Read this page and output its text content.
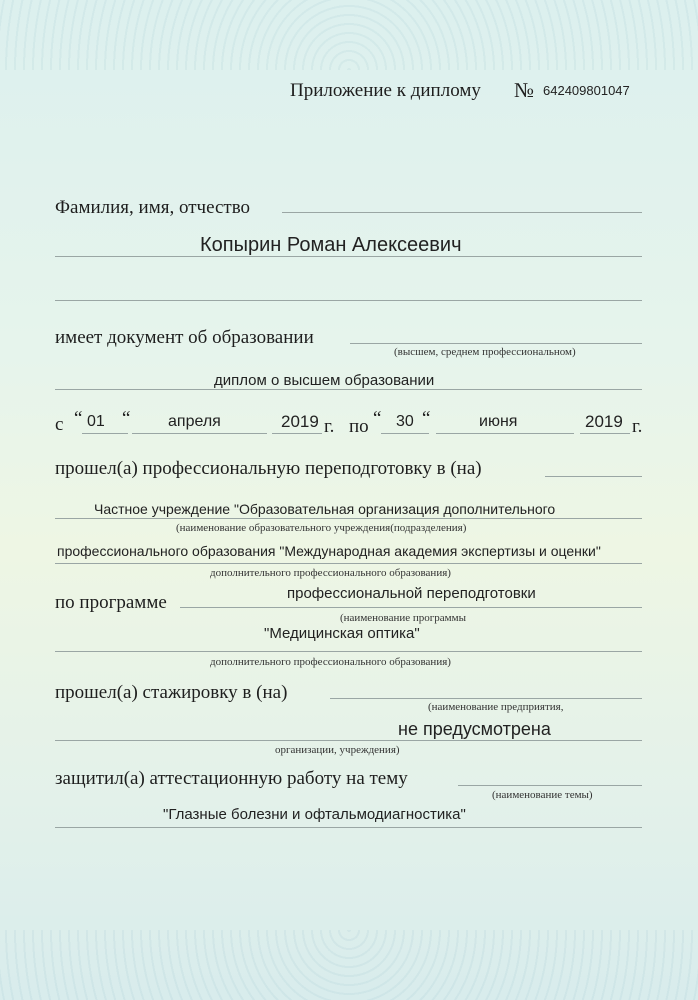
Приложение к диплому № 642409801047
Фамилия, имя, отчество
Копырин Роман Алексеевич
имеет документ об образовании
(высшем, среднем профессиональном)
диплом о высшем образовании
с “ 01 “ апреля	2019 г. по “ 30 “	июня	2019 г.
прошел(а) профессиональную переподготовку в (на)
Частное учреждение "Образовательная организация дополнительного
(наименование образовательного учреждения(подразделения)
профессионального образования "Международная академия экспертизы и оценки"
дополнительного профессионального образования)
по программе	профессиональной переподготовки
(наименование программы
"Медицинская оптика"
дополнительного профессионального образования)
прошел(а) стажировку в (на)
(наименование предприятия,
не предусмотрена
организации, учреждения)
защитил(а) аттестационную работу на тему
(наименование темы)
"Глазные болезни и офтальмодиагностика"
